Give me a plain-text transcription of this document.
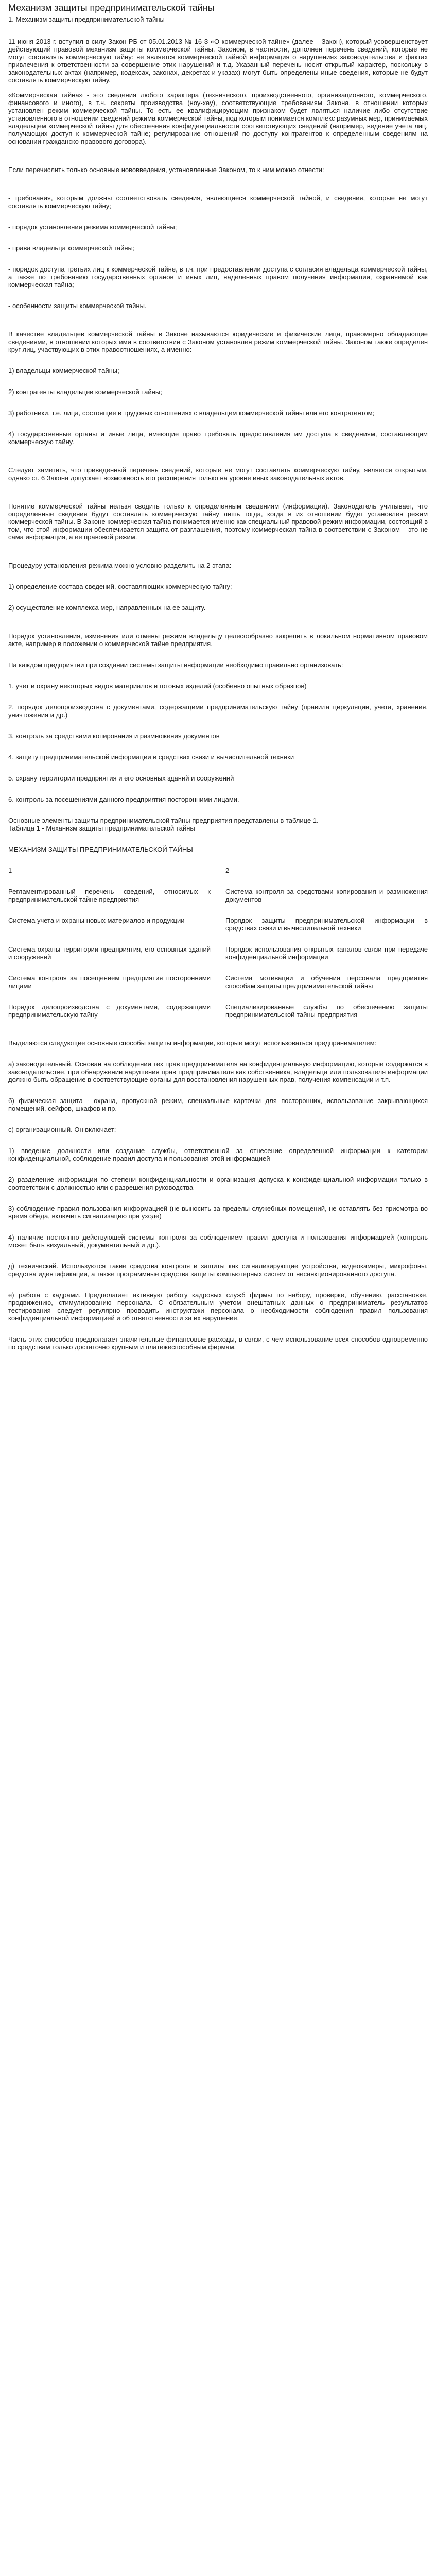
Механизм защиты предпринимательской тайны

1. Механизм защиты предпринимательской тайны

11 июня 2013 г. вступил в силу Закон РБ от 05.01.2013 № 16-З «О коммерческой тайне» (далее – Закон), который усовершенствует действующий правовой механизм защиты коммерческой тайны. Законом, в частности, дополнен перечень сведений, которые не могут составлять коммерческую тайну: не является коммерческой тайной информация о нарушениях законодательства и фактах привлечения к ответственности за совершение этих нарушений и т.д. Указанный перечень носит открытый характер, поскольку в законодательных актах (например, кодексах, законах, декретах и указах) могут быть определены иные сведения, которые не будут составлять коммерческую тайну.

«Коммерческая тайна» - это сведения любого характера (технического, производственного, организационного, коммерческого, финансового и иного), в т.ч. секреты производства (ноу-хау), соответствующие требованиям Закона, в отношении которых установлен режим коммерческой тайны. То есть ее квалифицирующим признаком будет являться наличие либо отсутствие установленного в отношении сведений режима коммерческой тайны, под которым понимается комплекс разумных мер, принимаемых владельцем коммерческой тайны для обеспечения конфиденциальности соответствующих сведений (например, ведение учета лиц, получающих доступ к коммерческой тайне; регулирование отношений по доступу контрагентов к определенным сведениям на основании гражданско-правового договора).

Если перечислить только основные нововведения, установленные Законом, то к ним можно отнести:

- требования, которым должны соответствовать сведения, являющиеся коммерческой тайной, и сведения, которые не могут составлять коммерческую тайну;

- порядок установления режима коммерческой тайны;

- права владельца коммерческой тайны;

- порядок доступа третьих лиц к коммерческой тайне, в т.ч. при предоставлении доступа с согласия владельца коммерческой тайны, а также по требованию государственных органов и иных лиц, наделенных правом получения информации, охраняемой как коммерческая тайна;

- особенности защиты коммерческой тайны.

В качестве владельцев коммерческой тайны в Законе называются юридические и физические лица, правомерно обладающие сведениями, в отношении которых ими в соответствии с Законом установлен режим коммерческой тайны. Законом также определен круг лиц, участвующих в этих правоотношениях, а именно:

1) владельцы коммерческой тайны;

2) контрагенты владельцев коммерческой тайны;

3) работники, т.е. лица, состоящие в трудовых отношениях с владельцем коммерческой тайны или его контрагентом;

4) государственные органы и иные лица, имеющие право требовать предоставления им доступа к сведениям, составляющим коммерческую тайну.

Следует заметить, что приведенный перечень сведений, которые не могут составлять коммерческую тайну, является открытым, однако ст. 6 Закона допускает возможность его расширения только на уровне иных законодательных актов.

Понятие коммерческой тайны нельзя сводить только к определенным сведениям (информации). Законодатель учитывает, что определенные сведения будут составлять коммерческую тайну лишь тогда, когда в их отношении будет установлен режим коммерческой тайны. В Законе коммерческая тайна понимается именно как специальный правовой режим информации, состоящий в том, что этой информации обеспечивается защита от разглашения, поэтому коммерческая тайна в соответствии с Законом – это не сама информация, а ее правовой режим.

Процедуру установления режима можно условно разделить на 2 этапа:

1) определение состава сведений, составляющих коммерческую тайну;

2) осуществление комплекса мер, направленных на ее защиту.

Порядок установления, изменения или отмены режима владельцу целесообразно закрепить в локальном нормативном правовом акте, например в положении о коммерческой тайне предприятия.

На каждом предприятии при создании системы защиты информации необходимо правильно организовать:

1. учет и охрану некоторых видов материалов и готовых изделий (особенно опытных образцов)

2. порядок делопроизводства с документами, содержащими предпринимательскую тайну (правила циркуляции, учета, хранения, уничтожения и др.)

3. контроль за средствами копирования и размножения документов

4. защиту предпринимательской информации в средствах связи и вычислительной техники

5. охрану территории предприятия и его основных зданий и сооружений

6. контроль за посещениями данного предприятия посторонними лицами.

Основные элементы защиты предпринимательской тайны предприятия представлены в таблице 1.

Таблица 1 - Механизм защиты предпринимательской тайны

МЕХАНИЗМ ЗАЩИТЫ ПРЕДПРИНИМАТЕЛЬСКОЙ ТАЙНЫ

1	2
Регламентированный перечень сведений, относимых к предпринимательской тайне предприятия
Система контроля за средствами копирования и размножения документов
Система учета и охраны новых материалов и продукции	Порядок защиты предпринимательской информации в средствах связи и вычислительной техники
Система охраны территории предприятия, его основных зданий и сооружений
Порядок использования открытых каналов связи при передаче конфиденциальной информации
Система контроля за посещением предприятия посторонними лицами
Система мотивации и обучения персонала предприятия способам защиты предпринимательской тайны
Порядок делопроизводства с документами, содержащими предпринимательскую тайну
Специализированные службы по обеспечению защиты предпринимательской тайны предприятия

Выделяются следующие основные способы защиты информации, которые могут использоваться предпринимателем:

а) законодательный. Основан на соблюдении тех прав предпринимателя на конфиденциальную информацию, которые содержатся в законодательстве, при обнаружении нарушения прав предпринимателя как собственника, владельца или пользователя информации должно быть обращение в соответствующие органы для восстановления нарушенных прав, получения компенсации и т.п.

б) физическая защита - охрана, пропускной режим, специальные карточки для посторонних, использование закрывающихся помещений, сейфов, шкафов и пр.

с) организационный. Он включает:

1) введение должности или создание службы, ответственной за отнесение определенной информации к категории конфиденциальной, соблюдение правил доступа и пользования этой информацией

2) разделение информации по степени конфиденциальности и организация допуска к конфиденциальной информации только в соответствии с должностью или с разрешения руководства

3) соблюдение правил пользования информацией (не выносить за пределы служебных помещений, не оставлять без присмотра во время обеда, включить сигнализацию при уходе)

4) наличие постоянно действующей системы контроля за соблюдением правил доступа и пользования информацией (контроль может быть визуальный, документальный и др.).

д) технический. Используются такие средства контроля и защиты как сигнализирующие устройства, видеокамеры, микрофоны, средства идентификации, а также программные средства защиты компьютерных систем от несанкционированного доступа.

е) работа с кадрами. Предполагает активную работу кадровых служб фирмы по набору, проверке, обучению, расстановке, продвижению, стимулированию персонала. С обязательным учетом внештатных данных о предприниматель результатов тестирования следует регулярно проводить инструктажи персонала о необходимости соблюдения правил пользования конфиденциальной информацией и об ответственности за их нарушение.

Часть этих способов предполагает значительные финансовые расходы, в связи, с чем использование всех способов одновременно по средствам только достаточно крупным и платежеспособным фирмам.
